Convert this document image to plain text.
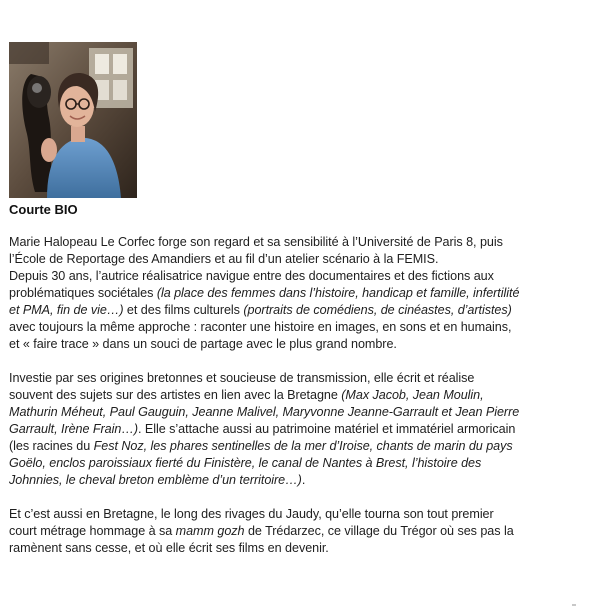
Courte BIO
Marie Halopeau Le Corfec forge son regard et sa sensibilité à l’Université de Paris 8, puis
l’École de Reportage des Amandiers et au fil d’un atelier scénario à la FEMIS.
Depuis 30 ans, l’autrice réalisatrice navigue entre des documentaires et des fictions aux
problématiques sociétales (la place des femmes dans l’histoire, handicap et famille, infertilité
et PMA, fin de vie…) et des films culturels (portraits de comédiens, de cinéastes, d’artistes)
avec toujours la même approche : raconter une histoire en images, en sons et en humains,
et « faire trace » dans un souci de partage avec le plus grand nombre.
Investie par ses origines bretonnes et soucieuse de transmission, elle écrit et réalise
souvent des sujets sur des artistes en lien avec la Bretagne (Max Jacob, Jean Moulin,
Mathurin Méheut, Paul Gauguin, Jeanne Malivel, Maryvonne Jeanne-Garrault et Jean Pierre
Garrault, Irène Frain…). Elle s’attache aussi au patrimoine matériel et immatériel armoricain
(les racines du Fest Noz, les phares sentinelles de la mer d’Iroise, chants de marin du pays
Goëlo, enclos paroissiaux fierté du Finistère, le canal de Nantes à Brest, l’histoire des
Johnnies, le cheval breton emblème d’un territoire…).
Et c’est aussi en Bretagne, le long des rivages du Jaudy, qu’elle tourna son tout premier
court métrage hommage à sa mamm gozh de Trédarzec, ce village du Trégor où ses pas la
ramènent sans cesse, et où elle écrit ses films en devenir.
